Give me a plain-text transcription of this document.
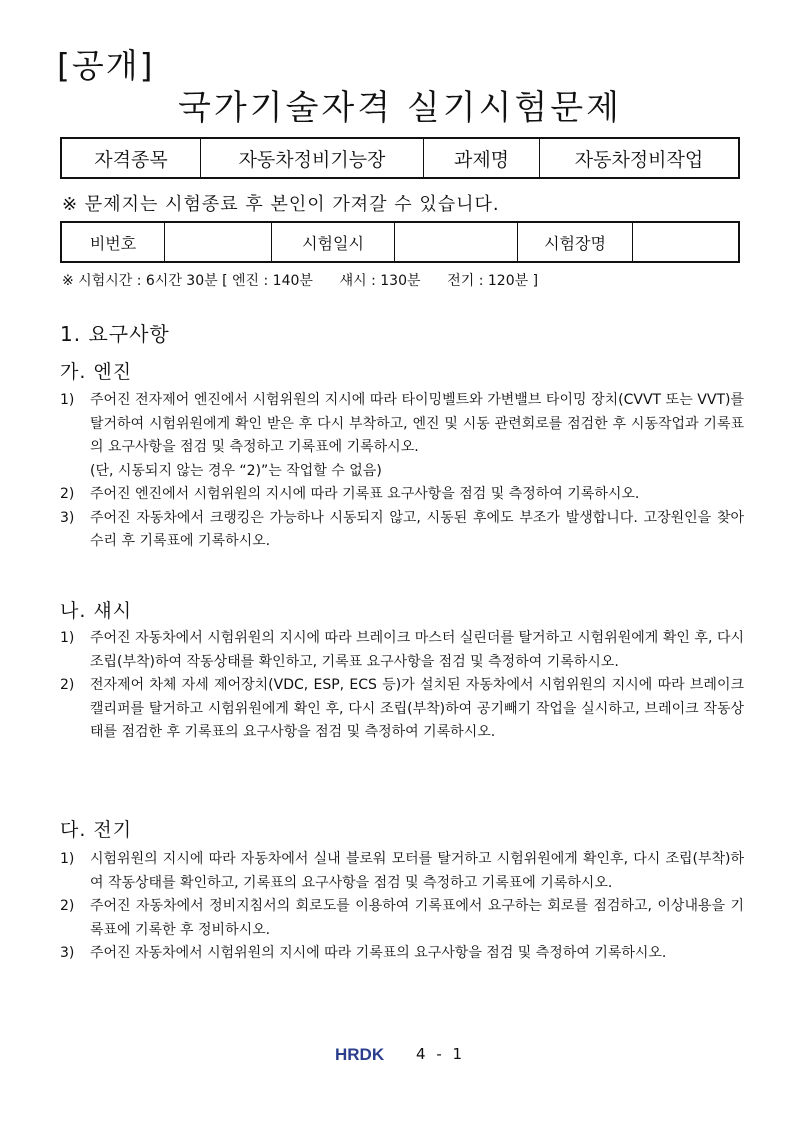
[공개]
국가기술자격 실기시험문제
자격종목	자동차정비기능장	과제명	자동차정비작업
※ 문제지는 시험종료 후 본인이 가져갈 수 있습니다.
비번호		시험일시		시험장명	
※ 시험시간 : 6시간 30분 [ 엔진 : 140분      섀시 : 130분      전기 : 120분 ]
1. 요구사항
가. 엔진
1)	주어진 전자제어 엔진에서 시험위원의 지시에 따라 타이밍벨트와 가변밸브 타이밍 장치(CVVT 또는 VVT)를 탈거하여 시험위원에게 확인 받은 후 다시 부착하고, 엔진 및 시동 관련회로를 점검한 후 시동작업과 기록표의 요구사항을 점검 및 측정하고 기록표에 기록하시오.
(단, 시동되지 않는 경우 “2)”는 작업할 수 없음)
2)	주어진 엔진에서 시험위원의 지시에 따라 기록표 요구사항을 점검 및 측정하여 기록하시오.
3)	주어진 자동차에서 크랭킹은 가능하나 시동되지 않고, 시동된 후에도 부조가 발생합니다. 고장원인을 찾아 수리 후 기록표에 기록하시오.
나. 섀시
1)	주어진 자동차에서 시험위원의 지시에 따라 브레이크 마스터 실린더를 탈거하고 시험위원에게 확인 후, 다시 조립(부착)하여 작동상태를 확인하고, 기록표 요구사항을 점검 및 측정하여 기록하시오.
2)	전자제어 차체 자세 제어장치(VDC, ESP, ECS 등)가 설치된 자동차에서 시험위원의 지시에 따라 브레이크 캘리퍼를 탈거하고 시험위원에게 확인 후, 다시 조립(부착)하여 공기빼기 작업을 실시하고, 브레이크 작동상태를 점검한 후 기록표의 요구사항을 점검 및 측정하여 기록하시오.
다. 전기
1)	시험위원의 지시에 따라 자동차에서 실내 블로워 모터를 탈거하고 시험위원에게 확인후, 다시 조립(부착)하여 작동상태를 확인하고, 기록표의 요구사항을 점검 및 측정하고 기록표에 기록하시오.
2)	주어진 자동차에서 정비지침서의 회로도를 이용하여 기록표에서 요구하는 회로를 점검하고, 이상내용을 기록표에 기록한 후 정비하시오.
3)	주어진 자동차에서 시험위원의 지시에 따라 기록표의 요구사항을 점검 및 측정하여 기록하시오.
HRDK 4 - 1
